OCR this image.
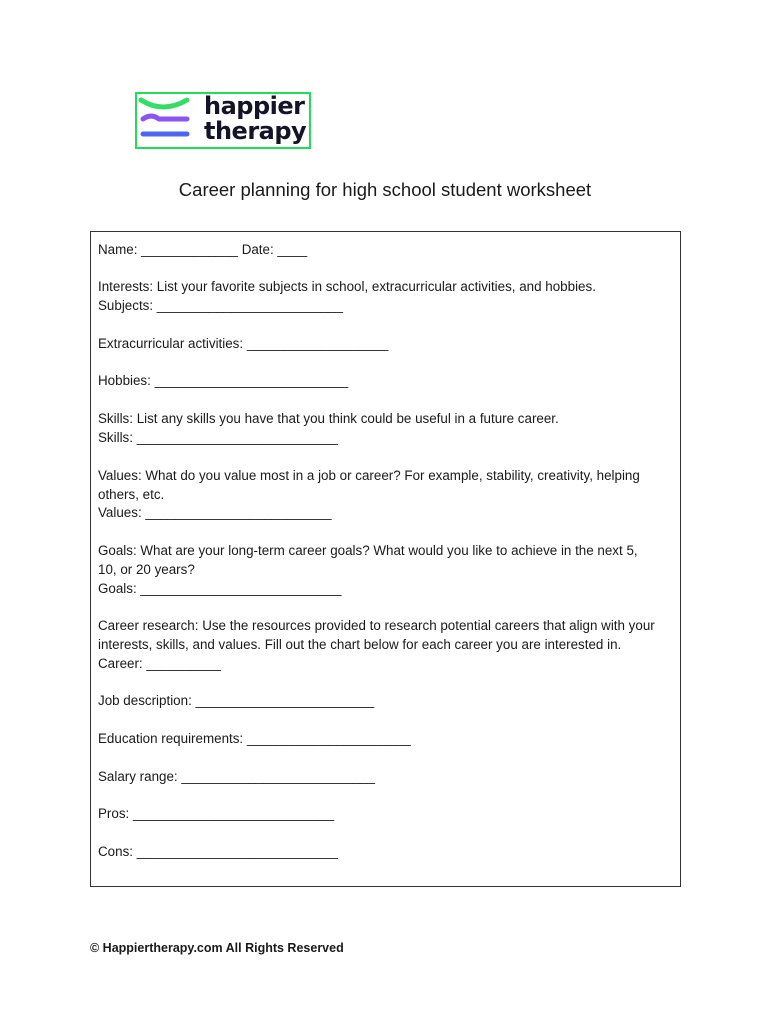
happier
therapy
Career planning for high school student worksheet
Name: _____________ Date: ____
Interests: List your favorite subjects in school, extracurricular activities, and hobbies.
Subjects: _________________________
Extracurricular activities: ___________________
Hobbies: __________________________
Skills: List any skills you have that you think could be useful in a future career.
Skills: ___________________________
Values: What do you value most in a job or career? For example, stability, creativity, helping
others, etc.
Values: _________________________
Goals: What are your long-term career goals? What would you like to achieve in the next 5,
10, or 20 years?
Goals: ___________________________
Career research: Use the resources provided to research potential careers that align with your
interests, skills, and values. Fill out the chart below for each career you are interested in.
Career: __________
Job description: ________________________
Education requirements: ______________________
Salary range: __________________________
Pros: ___________________________
Cons: ___________________________
© Happiertherapy.com All Rights Reserved
